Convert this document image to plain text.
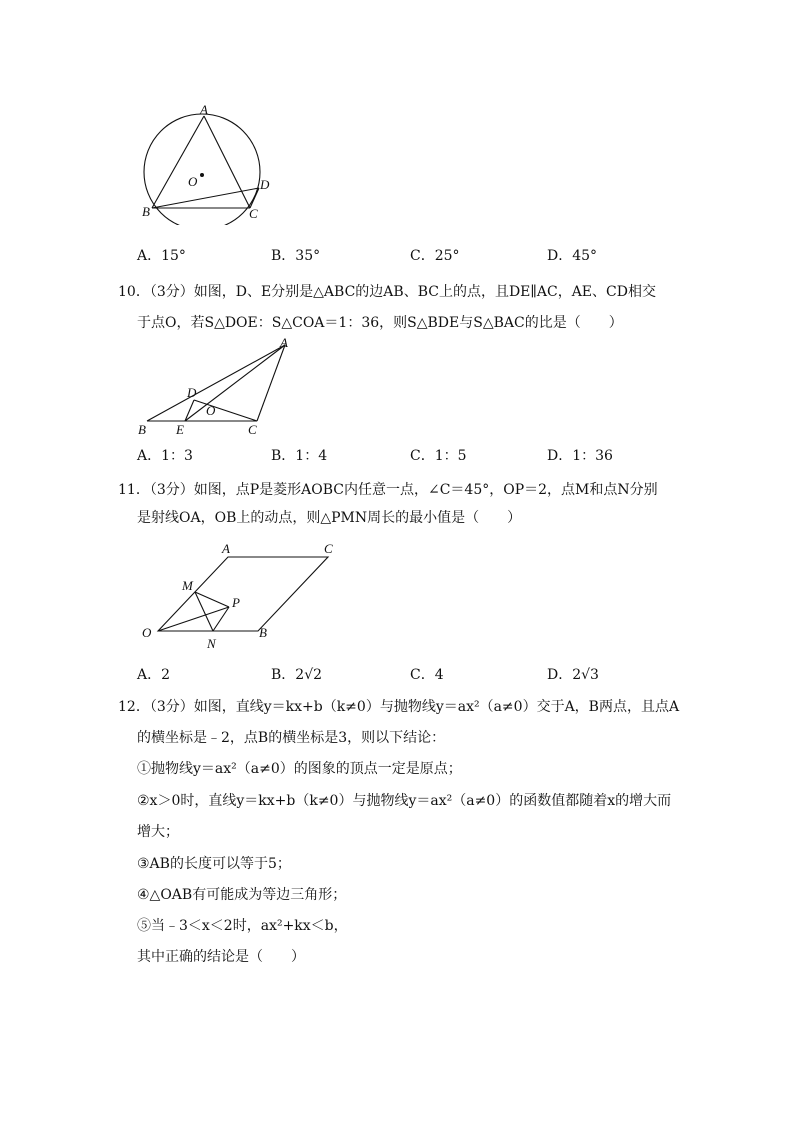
A
O	D
B	C
A．15°	B．35°	C．25°	D．45°
10．（3分）如图，D、E分别是△ABC的边AB、BC上的点，且DE∥AC，AE、CD相交
于点O，若S△DOE：S△COA＝1：36，则S△BDE与S△BAC的比是（　　）
A
D
O
B E	C
A．1：3	B．1：4	C．1：5	D．1：36
11．（3分）如图，点P是菱形AOBC内任意一点，∠C＝45°，OP＝2，点M和点N分别
是射线OA，OB上的动点，则△PMN周长的最小值是（　　）
A	C
M
P
O
N
B
A．2	B．2√2	C．4	D．2√3
12．（3分）如图，直线y＝kx+b（k≠0）与抛物线y＝ax²（a≠0）交于A，B两点，且点A
的横坐标是﹣2，点B的横坐标是3，则以下结论：
①抛物线y＝ax²（a≠0）的图象的顶点一定是原点；
②x＞0时，直线y＝kx+b（k≠0）与抛物线y＝ax²（a≠0）的函数值都随着x的增大而
增大；
③AB的长度可以等于5；
④△OAB有可能成为等边三角形；
⑤当﹣3＜x＜2时，ax²+kx＜b，
其中正确的结论是（　　）
